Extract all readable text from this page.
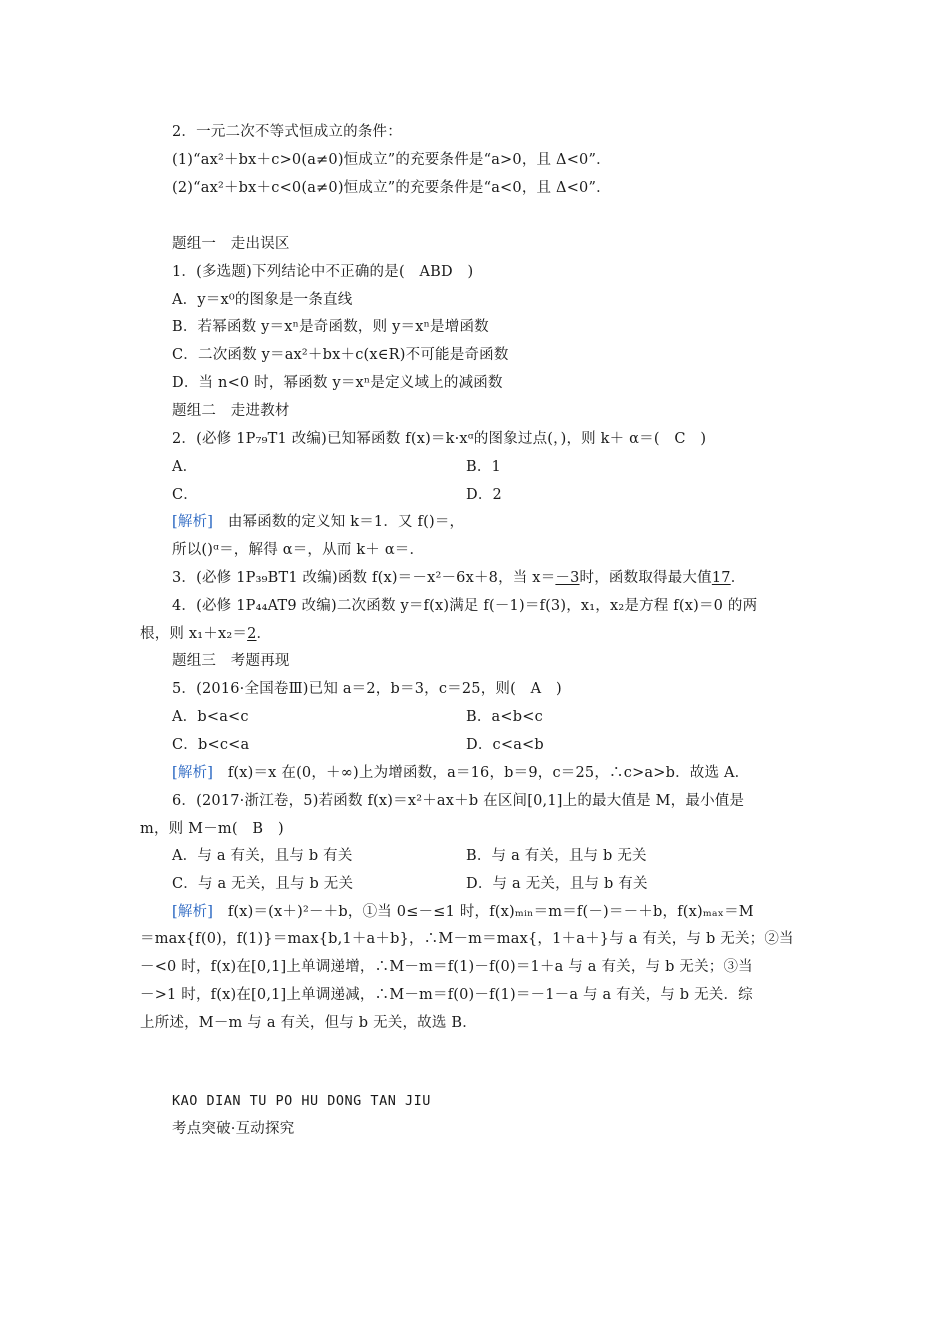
2．一元二次不等式恒成立的条件：
(1)“ax²＋bx＋c>0(a≠0)恒成立”的充要条件是“a>0，且 Δ<0”．
(2)“ax²＋bx＋c<0(a≠0)恒成立”的充要条件是“a<0，且 Δ<0”．
题组一　走出误区
1．(多选题)下列结论中不正确的是(　ABD　)
A．y＝x⁰的图象是一条直线
B．若幂函数 y＝xⁿ是奇函数，则 y＝xⁿ是增函数
C．二次函数 y＝ax²＋bx＋c(x∈R)不可能是奇函数
D．当 n<0 时，幂函数 y＝xⁿ是定义域上的减函数
题组二　走进教材
2．(必修 1P₇₉T1 改编)已知幂函数 f(x)＝k·xᵅ的图象过点(，)，则 k＋ α＝(　C　)
A．	B．1
C．	D．2
[解析]　由幂函数的定义知 k＝1．又 f()＝，
所以()ᵅ＝，解得 α＝，从而 k＋ α＝．
3．(必修 1P₃₉BT1 改编)函数 f(x)＝－x²－6x＋8，当 x＝－3时，函数取得最大值17．
4．(必修 1P₄₄AT9 改编)二次函数 y＝f(x)满足 f(－1)＝f(3)，x₁，x₂是方程 f(x)＝0 的两
根，则 x₁＋x₂＝2．
题组三　考题再现
5．(2016·全国卷Ⅲ)已知 a＝2，b＝3，c＝25，则(　A　)
A．b<a<c	B．a<b<c
C．b<c<a	D．c<a<b
[解析]　f(x)＝x 在(0，＋∞)上为增函数，a＝16，b＝9，c＝25，∴c>a>b．故选 A．
6．(2017·浙江卷，5)若函数 f(x)＝x²＋ax＋b 在区间[0,1]上的最大值是 M，最小值是
m，则 M－m(　B　)
A．与 a 有关，且与 b 有关	B．与 a 有关，且与 b 无关
C．与 a 无关，且与 b 无关	D．与 a 无关，且与 b 有关
[解析]　f(x)＝(x＋)²－＋b，①当 0≤－≤1 时，f(x)ₘᵢₙ＝m＝f(－)＝－＋b，f(x)ₘₐₓ＝M
＝max{f(0)，f(1)}＝max{b,1＋a＋b}，∴M－m＝max{，1＋a＋}与 a 有关，与 b 无关；②当
－<0 时，f(x)在[0,1]上单调递增，∴M－m＝f(1)－f(0)＝1＋a 与 a 有关，与 b 无关；③当
－>1 时，f(x)在[0,1]上单调递减，∴M－m＝f(0)－f(1)＝－1－a 与 a 有关，与 b 无关．综
上所述，M－m 与 a 有关，但与 b 无关，故选 B．
KAO DIAN TU PO HU DONG TAN JIU
考点突破·互动探究
